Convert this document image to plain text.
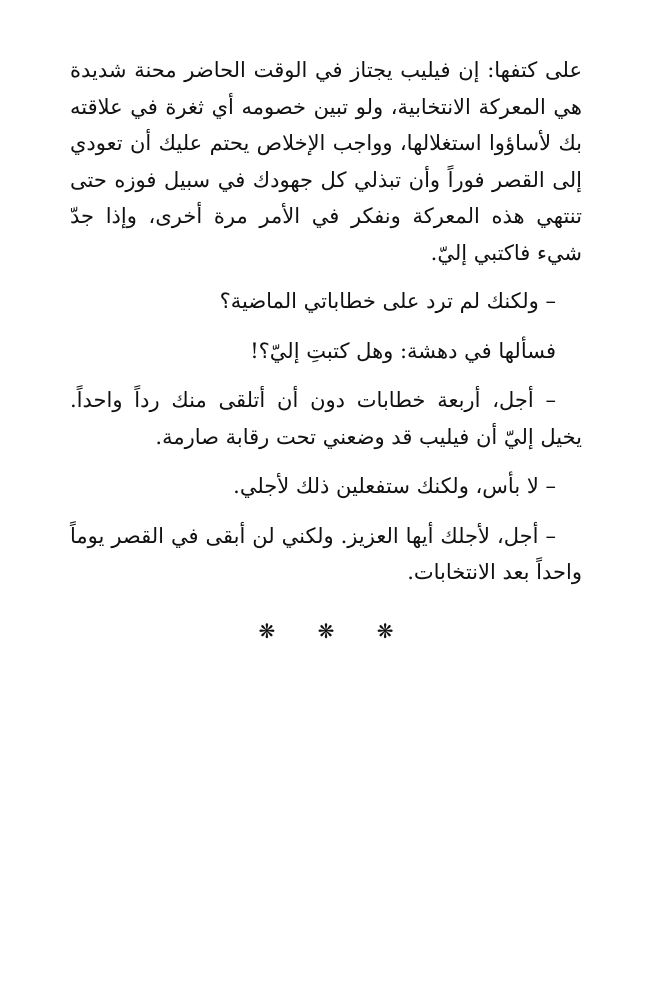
على كتفها: إن فيليب يجتاز في الوقت الحاضر محنة شديدة هي المعركة الانتخابية، ولو تبين خصومه أي ثغرة في علاقته بك لأساؤوا استغلالها، وواجب الإخلاص يحتم عليك أن تعودي إلى القصر فوراً وأن تبذلي كل جهودك في سبيل فوزه حتى تنتهي هذه المعركة ونفكر في الأمر مرة أخرى، وإذا جدّ شيء فاكتبي إليّ.

– ولكنك لم ترد على خطاباتي الماضية؟

فسألها في دهشة: وهل كتبتِ إليّ؟!

– أجل، أربعة خطابات دون أن أتلقى منك رداً واحداً. يخيل إليّ أن فيليب قد وضعني تحت رقابة صارمة.

– لا بأس، ولكنك ستفعلين ذلك لأجلي.

– أجل، لأجلك أيها العزيز. ولكني لن أبقى في القصر يوماً واحداً بعد الانتخابات.

❋ ❋ ❋
